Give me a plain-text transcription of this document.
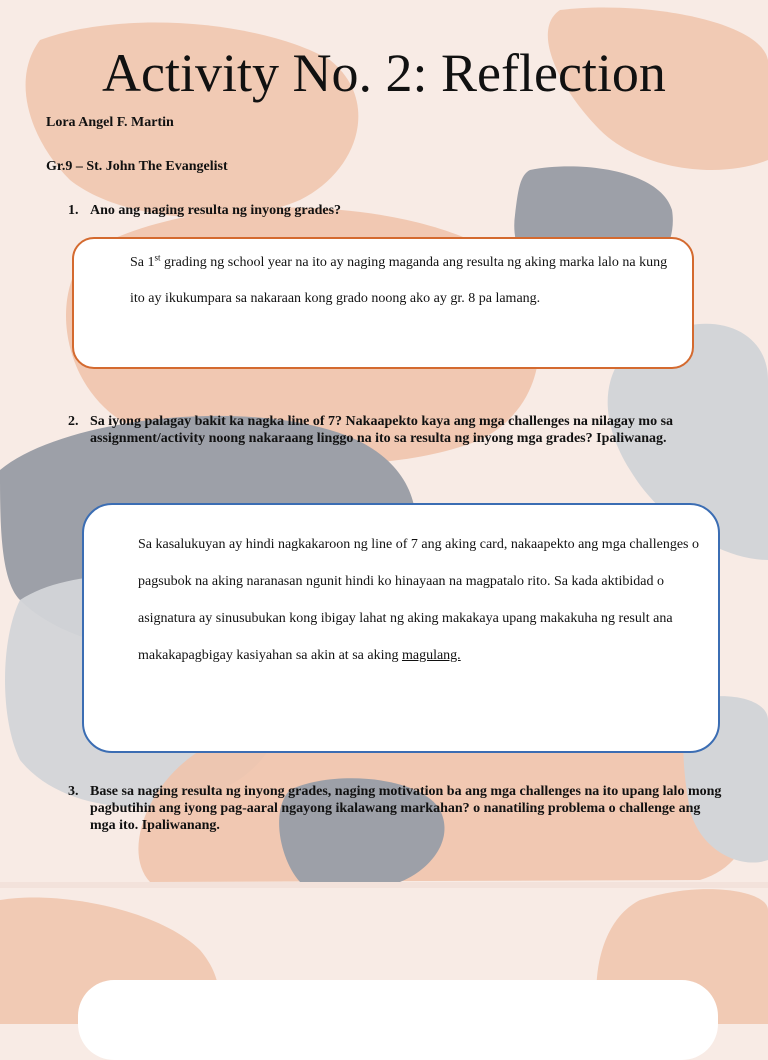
Activity No. 2: Reflection

Lora Angel F. Martin

Gr.9 – St. John The Evangelist

1. Ano ang naging resulta ng inyong grades?

Sa 1st grading ng school year na ito ay naging maganda ang resulta ng aking marka lalo na kung ito ay ikukumpara sa nakaraan kong grado noong ako ay gr. 8 pa lamang.

2. Sa iyong palagay bakit ka nagka line of 7? Nakaapekto kaya ang mga challenges na nilagay mo sa assignment/activity noong nakaraang linggo na ito sa resulta ng inyong mga grades? Ipaliwanag.

Sa kasalukuyan ay hindi nagkakaroon ng line of 7 ang aking card, nakaapekto ang mga challenges o pagsubok na aking naranasan ngunit hindi ko hinayaan na magpatalo rito. Sa kada aktibidad o asignatura ay sinusubukan kong ibigay lahat ng aking makakaya upang makakuha ng result ana makakapagbigay kasiyahan sa akin at sa aking magulang.

3. Base sa naging resulta ng inyong grades, naging motivation ba ang mga challenges na ito upang lalo mong pagbutihin ang iyong pag-aaral ngayong ikalawang markahan? o nanatiling problema o challenge ang mga ito. Ipaliwanang.
